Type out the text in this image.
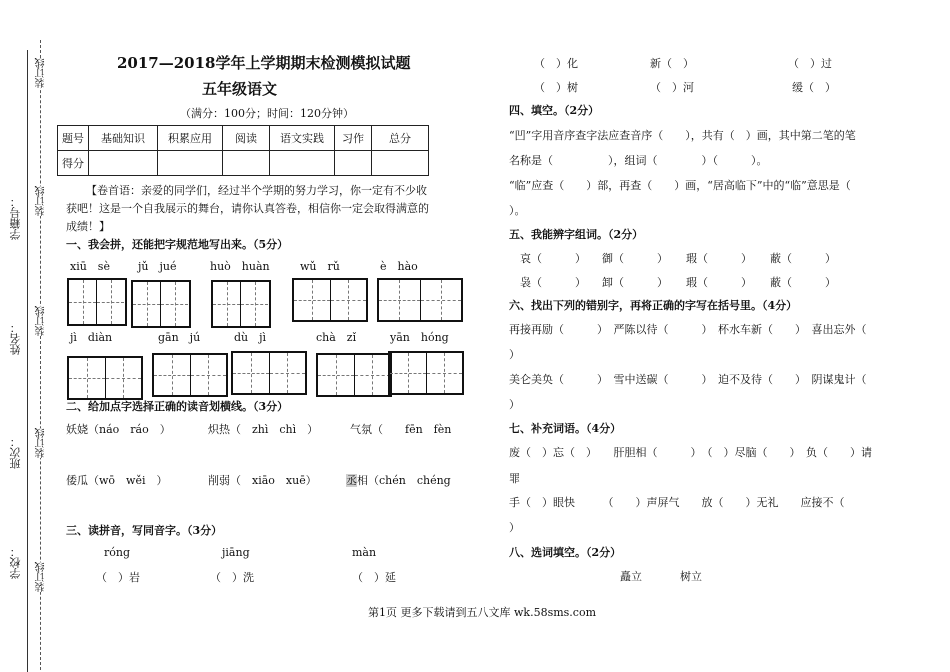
装订线
装订线
装订线
装订线
装订线
学籍号：
姓名：
班次：
学校：
2017—2018学年上学期期末检测模拟试题
五年级语文
（满分：100分；时间：120分钟）
题号	基础知识	积累应用	阅读	语文实践	习作	总分
得分						
【卷首语：亲爱的同学们，经过半个学期的努力学习，你一定有不少收
获吧！这是一个自我展示的舞台，请你认真答卷，相信你一定会取得满意的
成绩！】
一、我会拼，还能把字规范地写出来。（5分）
xiū　sè	jǔ　jué	huò　huàn	wǔ　rǔ	è　hào
jì　diàn	gān　jú	dù　jì	chà　zǐ	yān　hóng
二、给加点字选择正确的读音划横线。（3分）
妖娆（náo　ráo　）	炽热（　zhì　chì　）	气氛（　　fēn　fèn
倭瓜（wō　wěi　）	削弱（　xiāo　xuē）	丞相（chén　chéng
三、读拼音，写同音字。（3分）
róng	jiāng	màn
（　）岩	（　）洗	（　）延
（　）化	新（　）	（　）过
（　）树	（　）河	缓（　）
四、填空。（2分）
“凹”字用音序查字法应查音序（　　），共有（　）画，其中第二笔的笔
名称是（　　　　　），组词（　　　　）（　　　）。
“临”应查（　　）部，再查（　　）画，“居高临下”中的“临”意思是（
）。
五、我能辨字组词。（2分）
哀（　　　） 御（　　　） 瑕（　　　） 蔽（　　　）
袅（　　　） 卸（　　　） 瑕（　　　） 蔽（　　　）
六、找出下列的错别字，再将正确的字写在括号里。（4分）
再接再励（　　　）　严陈以待（　　　）　杯水车新（　　）　喜出忘外（
）
美仑美奂（　　　）　雪中送碳（　　　）　迫不及待（　　）　阴谋鬼计（
）
七、补充词语。（4分）
废（　）忘（　）　　肝胆相（　　　）　（　）尽脑（　　）　负（　　）请
罪
手（　）眼快　　　（　　）声屏气　　放（　　）无礼　　应接不（
）
八、选词填空。（2分）
矗立	树立
第1页 更多下载请到五八文库 wk.58sms.com
